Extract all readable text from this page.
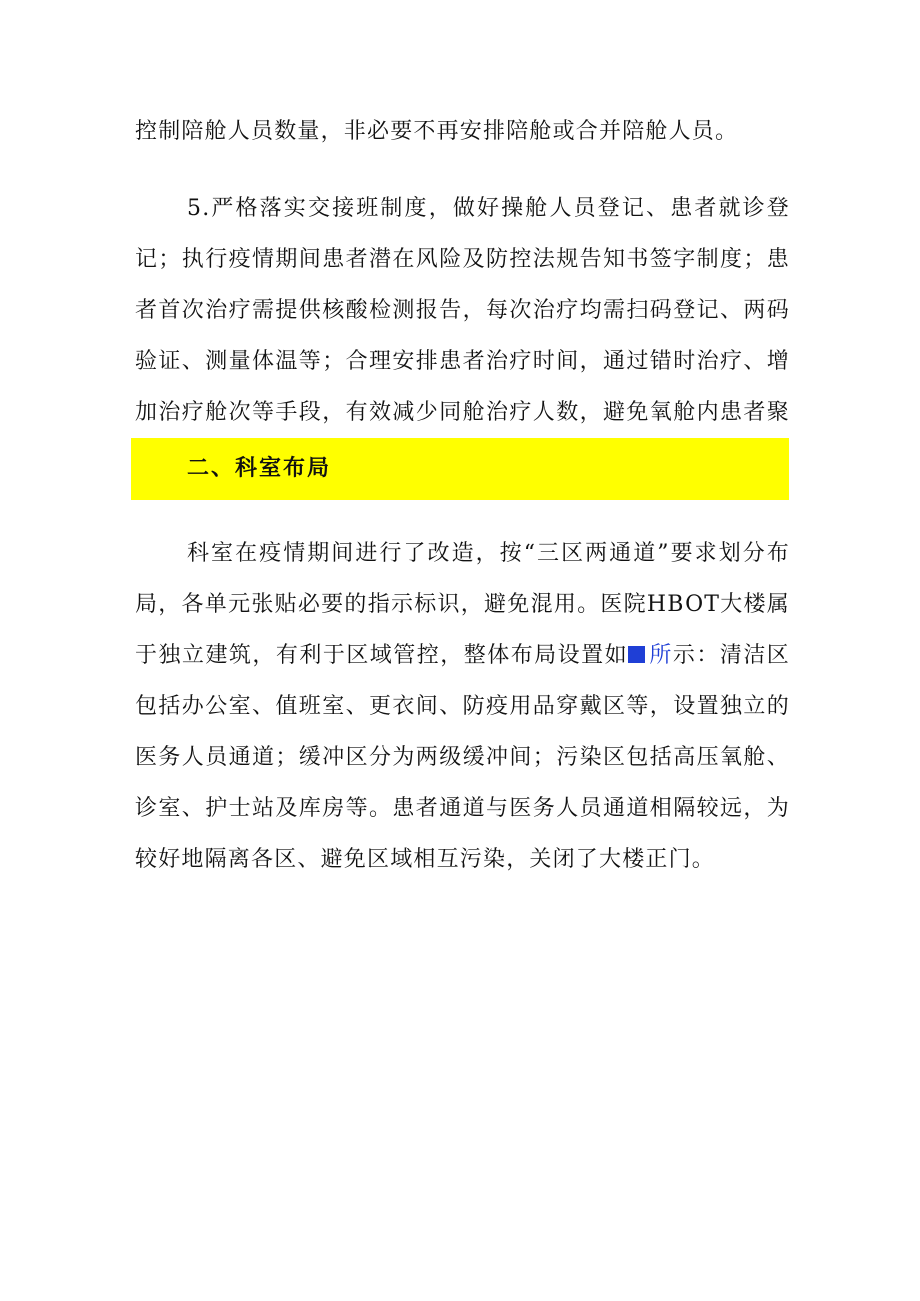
控制陪舱人员数量，非必要不再安排陪舱或合并陪舱人员。

5.严格落实交接班制度，做好操舱人员登记、患者就诊登记；执行疫情期间患者潜在风险及防控法规告知书签字制度；患者首次治疗需提供核酸检测报告，每次治疗均需扫码登记、两码验证、测量体温等；合理安排患者治疗时间，通过错时治疗、增加治疗舱次等手段，有效减少同舱治疗人数，避免氧舱内患者聚

二、科室布局

科室在疫情期间进行了改造，按“三区两通道”要求划分布局，各单元张贴必要的指示标识，避免混用。医院HBOT大楼属于独立建筑，有利于区域管控，整体布局设置如 所示：清洁区包括办公室、值班室、更衣间、防疫用品穿戴区等，设置独立的医务人员通道；缓冲区分为两级缓冲间；污染区包括高压氧舱、诊室、护士站及库房等。患者通道与医务人员通道相隔较远，为较好地隔离各区、避免区域相互污染，关闭了大楼正门。
